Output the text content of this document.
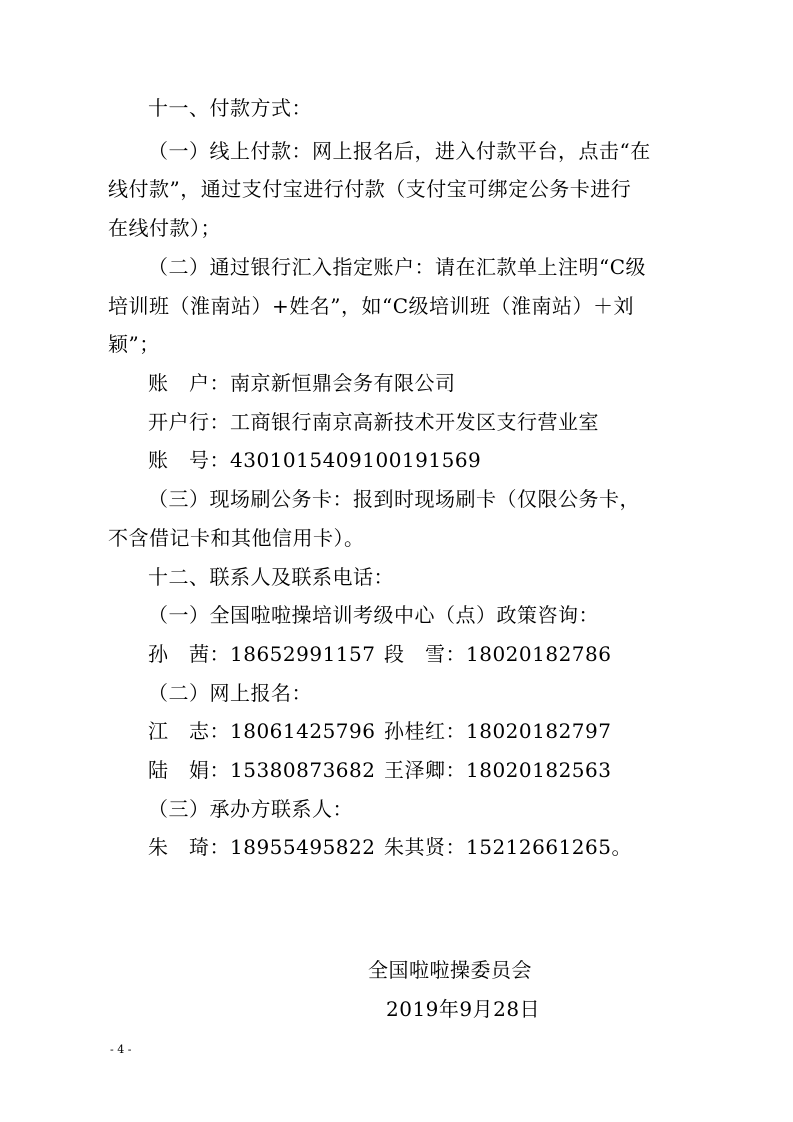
十一、付款方式：
（一）线上付款：网上报名后，进入付款平台，点击“在
线付款”，通过支付宝进行付款（支付宝可绑定公务卡进行
在线付款）；
（二）通过银行汇入指定账户：请在汇款单上注明“C级
培训班（淮南站）+姓名”，如“C级培训班（淮南站）＋刘
颖”；
账　户：南京新恒鼎会务有限公司
开户行：工商银行南京高新技术开发区支行营业室
账　号：4301015409100191569
（三）现场刷公务卡：报到时现场刷卡（仅限公务卡，
不含借记卡和其他信用卡）。
十二、联系人及联系电话：
（一）全国啦啦操培训考级中心（点）政策咨询：
孙　茜：18652991157 段　雪：18020182786
（二）网上报名：
江　志：18061425796 孙桂红：18020182797
陆　娟：15380873682 王泽卿：18020182563
（三）承办方联系人：
朱　琦：18955495822 朱其贤：15212661265。
全国啦啦操委员会
2019年9月28日
- 4 -
